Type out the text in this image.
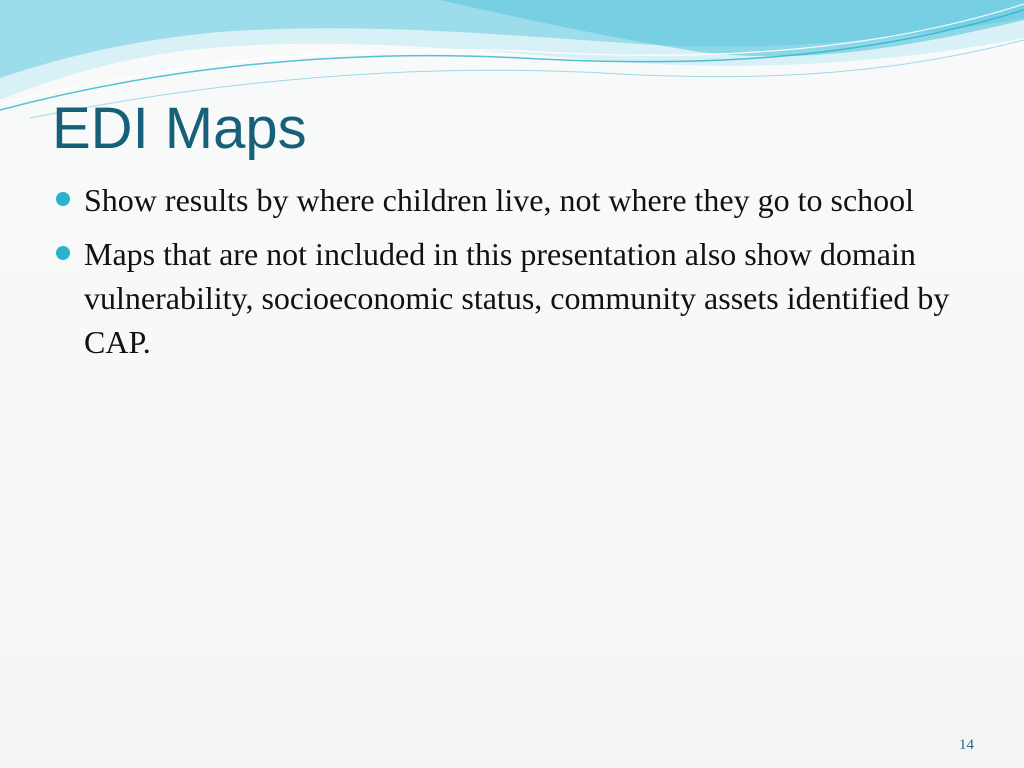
EDI Maps
Show results by where children live, not where they go to school
Maps that are not included in this presentation also show domain vulnerability, socioeconomic status, community assets identified by CAP.
14
